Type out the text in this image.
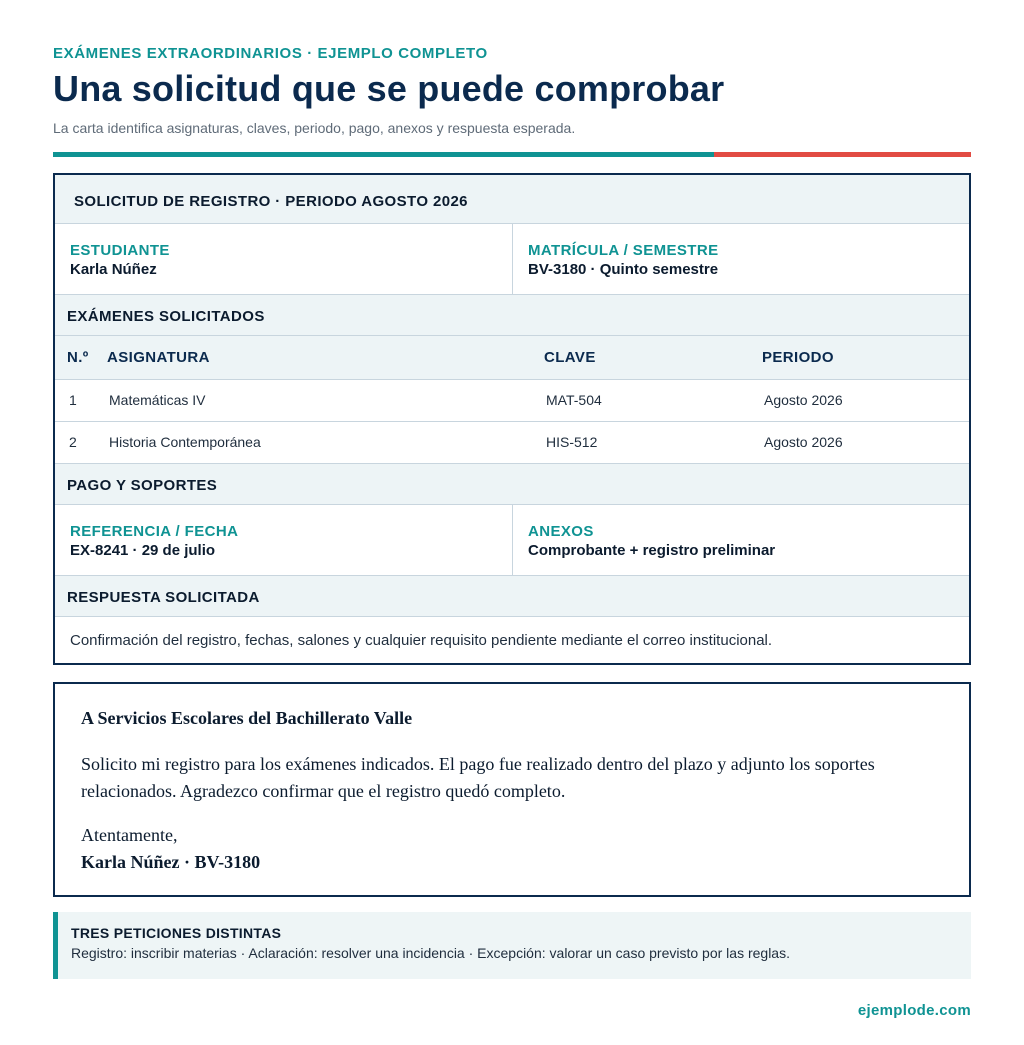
EXÁMENES EXTRAORDINARIOS · EJEMPLO COMPLETO
Una solicitud que se puede comprobar
La carta identifica asignaturas, claves, periodo, pago, anexos y respuesta esperada.
SOLICITUD DE REGISTRO · PERIODO AGOSTO 2026
ESTUDIANTE
Karla Núñez
MATRÍCULA / SEMESTRE
BV-3180 · Quinto semestre
EXÁMENES SOLICITADOS
N.º	ASIGNATURA	CLAVE	PERIODO
1	Matemáticas IV	MAT-504	Agosto 2026
2	Historia Contemporánea	HIS-512	Agosto 2026
PAGO Y SOPORTES
REFERENCIA / FECHA
EX-8241 · 29 de julio
ANEXOS
Comprobante + registro preliminar
RESPUESTA SOLICITADA
Confirmación del registro, fechas, salones y cualquier requisito pendiente mediante el correo institucional.
A Servicios Escolares del Bachillerato Valle

Solicito mi registro para los exámenes indicados. El pago fue realizado dentro del plazo y adjunto los soportes relacionados. Agradezco confirmar que el registro quedó completo.

Atentamente,
Karla Núñez · BV-3180
TRES PETICIONES DISTINTAS
Registro: inscribir materias · Aclaración: resolver una incidencia · Excepción: valorar un caso previsto por las reglas.
ejemplode.com
